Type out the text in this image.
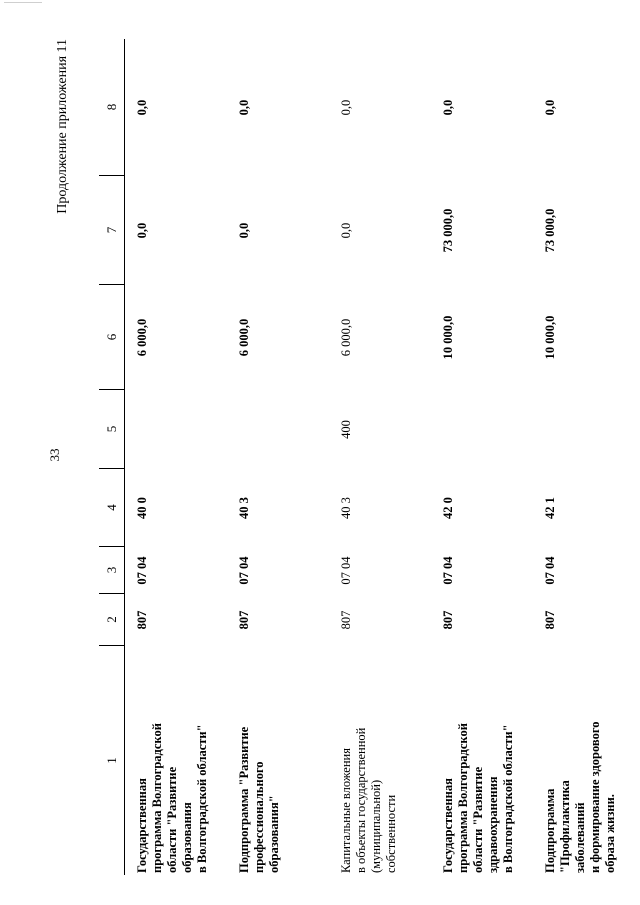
33
Продолжение приложения 11
1
2
3
4
5
6
7
8
Государственная программа Волгоградской области "Развитие образования в Волгоградской области"
807
07 04
40 0
6 000,0
0,0
0,0
Подпрограмма "Развитие профессионального образования"
807
07 04
40 3
6 000,0
0,0
0,0
Капитальные вложения в объекты государственной (муниципальной) собственности
807
07 04
40 3
400
6 000,0
0,0
0,0
Государственная программа Волгоградской области "Развитие здравоохранения в Волгоградской области"
807
07 04
42 0
10 000,0
73 000,0
0,0
Подпрограмма "Профилактика заболеваний и формирование здорового образа жизни.
807
07 04
42 1
10 000,0
73 000,0
0,0
